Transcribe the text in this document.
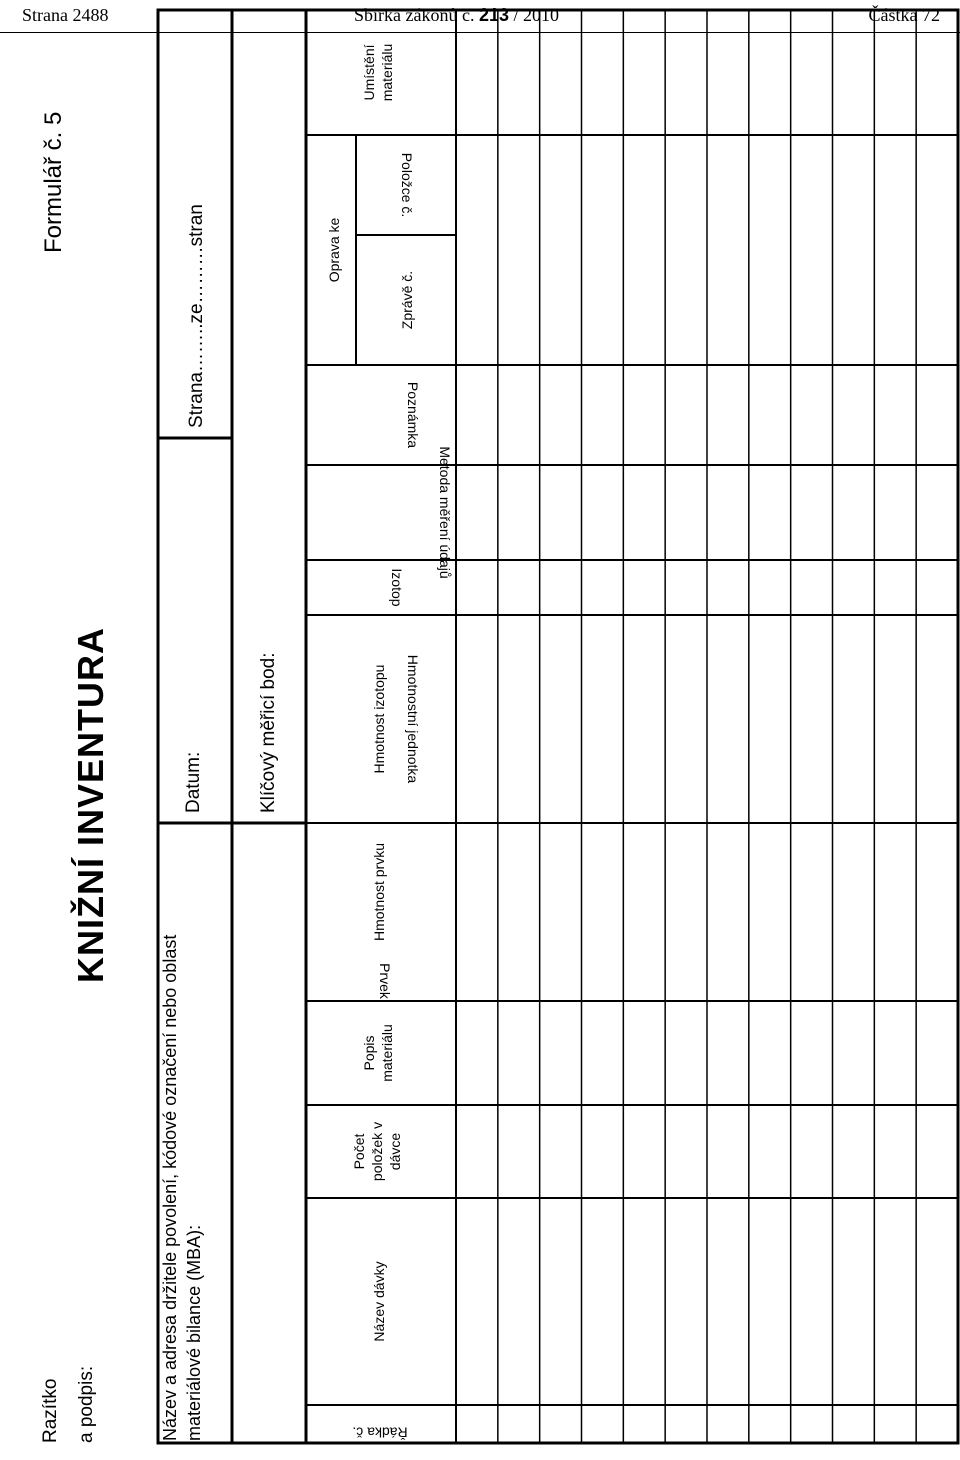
Strana 2488	Sbírka zákonů č. 213 / 2010	Částka 72
Razítko a podpis:
KNIŽNÍ INVENTURA
Formulář č. 5
Název a adresa držitele povolení, kódové označení nebo oblast materiálové bilance (MBA):
Datum:
Strana……..ze………stran
Klíčový měřicí bod:
Řádka č.
Název dávky
Počet položek v dávce
Popis materiálu
Prvek
Hmotnost prvku
Hmotnostní jednotka
Hmotnost izotopu
Izotop
Metoda měření údajů
Poznámka
Oprava ke
Zprávě č.
Položce č.
Umístění materiálu
